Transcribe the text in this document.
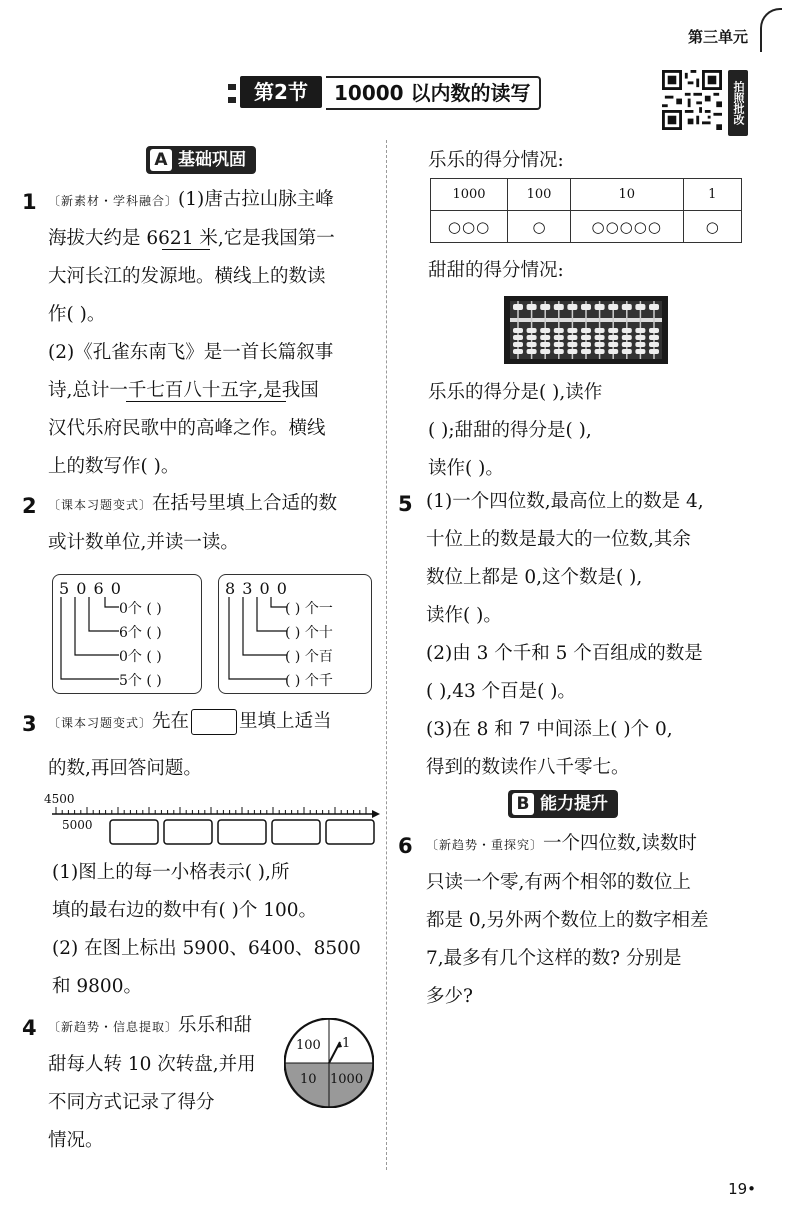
第三单元
第2节	10000 以内数的读写	拍照批改
A 基础巩固
1 〔新素材・学科融合〕(1)唐古拉山脉主峰
海拔大约是 6621 米,它是我国第一
大河长江的发源地。横线上的数读
作( )。
(2)《孔雀东南飞》是一首长篇叙事
诗,总计一千七百八十五字,是我国
汉代乐府民歌中的高峰之作。横线
上的数写作( )。
2 〔课本习题变式〕在括号里填上合适的数
或计数单位,并读一读。
5 0 6 0
0个 ( )
6个 ( )
0个 ( )
5个 ( )
8 3 0 0
( ) 个一
( ) 个十
( ) 个百
( ) 个千
3 〔课本习题变式〕先在	里填上适当
的数,再回答问题。
4500
5000
(1)图上的每一小格表示( ),所
填的最右边的数中有( )个 100。
(2) 在图上标出 5900、6400、8500
和 9800。
4 〔新趋势・信息提取〕乐乐和甜
甜每人转 10 次转盘,并用
不同方式记录了得分
情况。
100 1
10 1000
乐乐的得分情况:
1000	100	10	1
○○○	○	○○○○○	○
甜甜的得分情况:
乐乐的得分是( ),读作
( );甜甜的得分是( ),
读作( )。
5 (1)一个四位数,最高位上的数是 4,
十位上的数是最大的一位数,其余
数位上都是 0,这个数是( ),
读作( )。
(2)由 3 个千和 5 个百组成的数是
( ),43 个百是( )。
(3)在 8 和 7 中间添上( )个 0,
得到的数读作八千零七。
B 能力提升
6 〔新趋势・重探究〕一个四位数,读数时
只读一个零,有两个相邻的数位上
都是 0,另外两个数位上的数字相差
7,最多有几个这样的数? 分别是
多少?
19•
